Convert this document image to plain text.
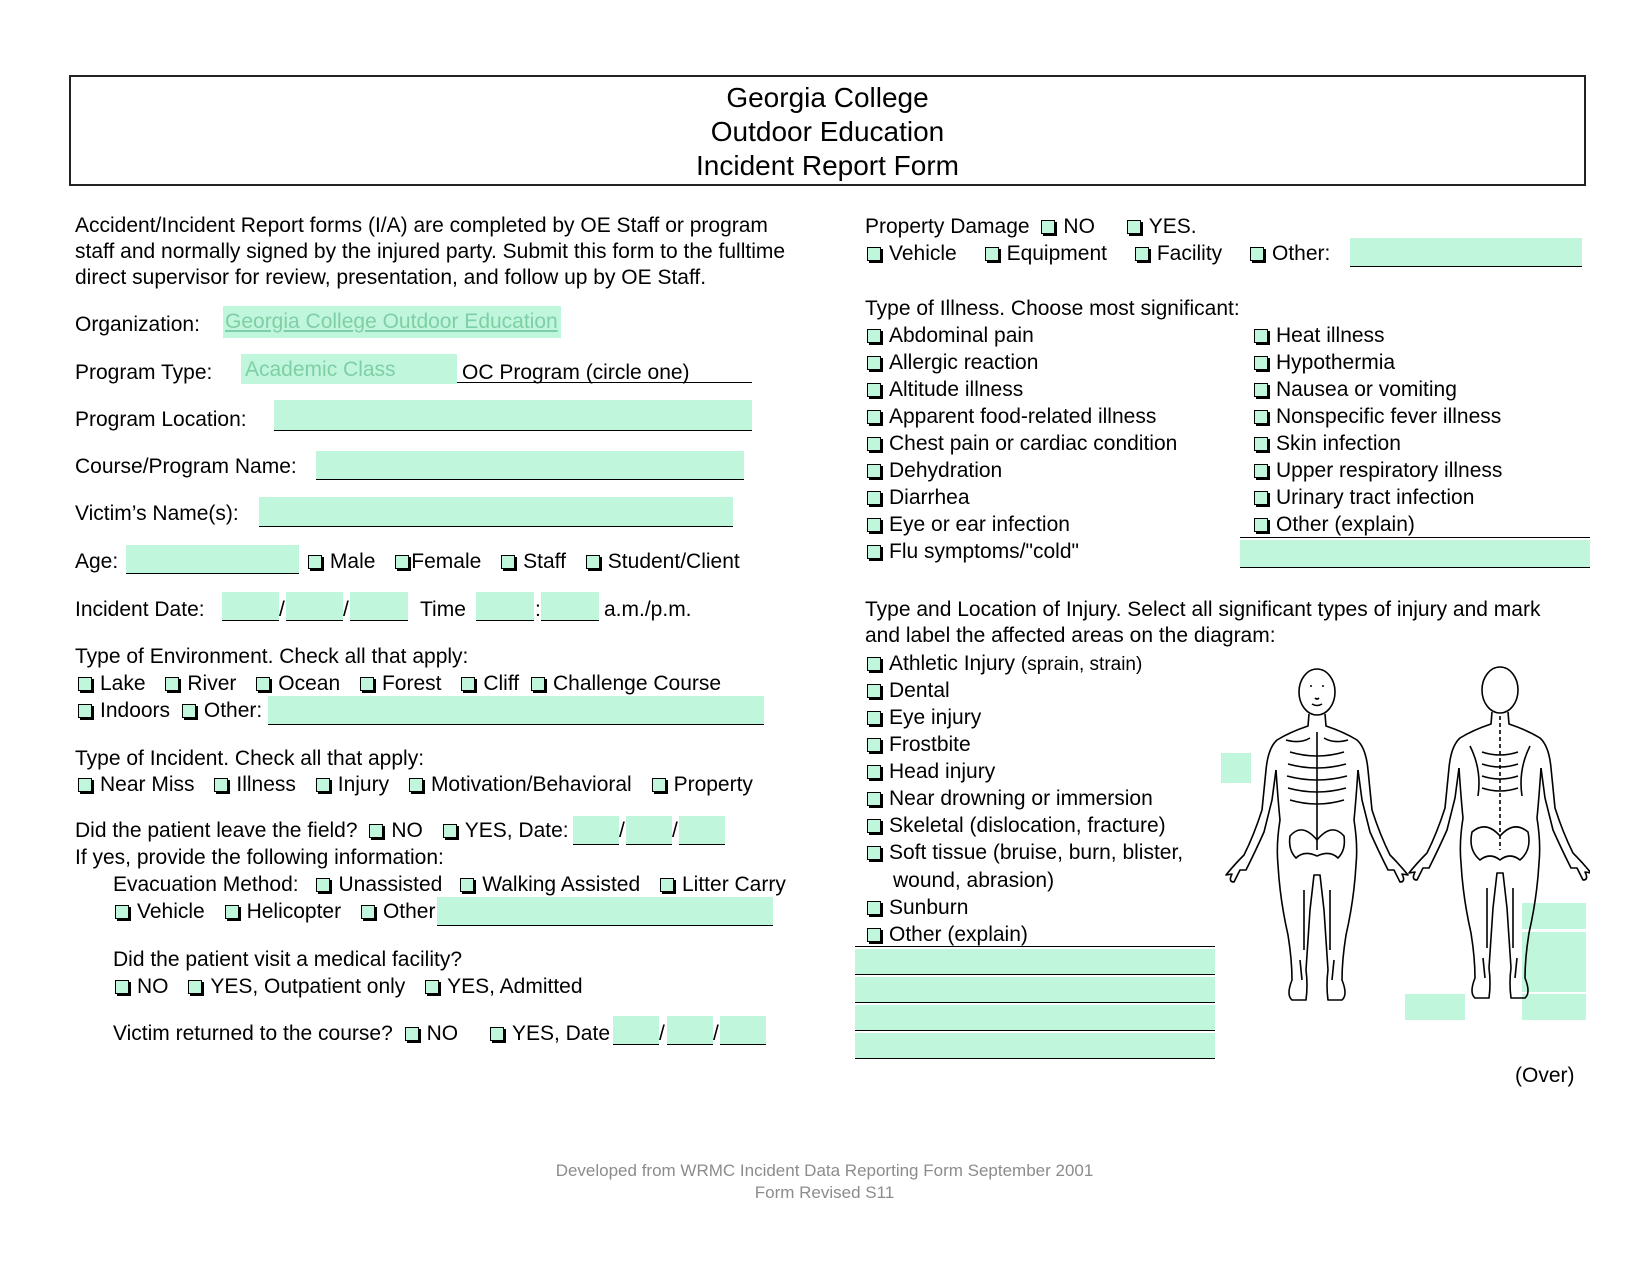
Georgia College
Outdoor Education
Incident Report Form
Accident/Incident Report forms (I/A) are completed by OE Staff or program
staff and normally signed by the injured party. Submit this form to the fulltime
direct supervisor for review, presentation, and follow up by OE Staff.
Organization: Georgia College Outdoor Education
Program Type: Academic Class	OC Program (circle one)
Program Location:
Course/Program Name:
Victim’s Name(s):
Age:	Male Female Staff Student/Client
Incident Date:	/	/	Time	:	a.m./p.m.
Type of Environment. Check all that apply:
Lake River Ocean Forest Cliff Challenge Course
Indoors Other:
Type of Incident. Check all that apply:
Near Miss Illness Injury Motivation/Behavioral Property
Did the patient leave the field? NO YES, Date: / /
If yes, provide the following information:
Evacuation Method: Unassisted Walking Assisted Litter Carry
Vehicle Helicopter Other
Did the patient visit a medical facility?
NO YES, Outpatient only YES, Admitted
Victim returned to the course? NO	YES, Date / /
Property Damage NO	YES.
Vehicle Equipment Facility Other:
Type of Illness. Choose most significant:
Abdominal pain
Allergic reaction
Altitude illness
Apparent food-related illness
Chest pain or cardiac condition
Dehydration
Diarrhea
Eye or ear infection
Flu symptoms/"cold"
Heat illness
Hypothermia
Nausea or vomiting
Nonspecific fever illness
Skin infection
Upper respiratory illness
Urinary tract infection
Other (explain)
Type and Location of Injury. Select all significant types of injury and mark
and label the affected areas on the diagram:
Athletic Injury (sprain, strain)
Dental
Eye injury
Frostbite
Head injury
Near drowning or immersion
Skeletal (dislocation, fracture)
Soft tissue (bruise, burn, blister,
wound, abrasion)
Sunburn
Other (explain)
(Over)
Developed from WRMC Incident Data Reporting Form September 2001
Form Revised S11
